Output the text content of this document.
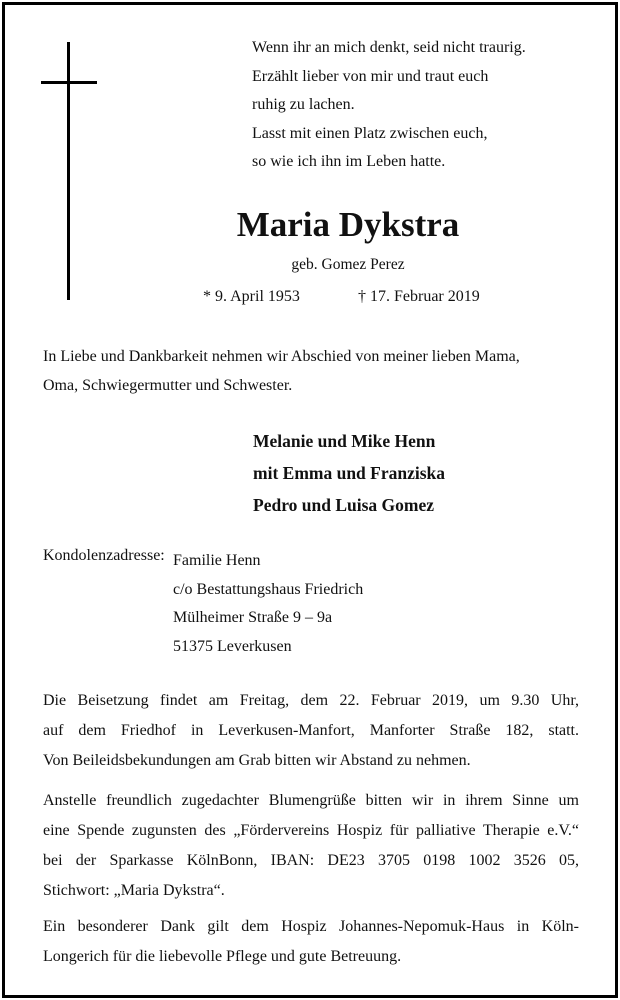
Wenn ihr an mich denkt, seid nicht traurig.
Erzählt lieber von mir und traut euch
ruhig zu lachen.
Lasst mit einen Platz zwischen euch,
so wie ich ihn im Leben hatte.
Maria Dykstra
geb. Gomez Perez
* 9. April 1953	† 17. Februar 2019
In Liebe und Dankbarkeit nehmen wir Abschied von meiner lieben Mama,
Oma, Schwiegermutter und Schwester.
Melanie und Mike Henn
mit Emma und Franziska
Pedro und Luisa Gomez
Kondolenzadresse: Familie Henn
c/o Bestattungshaus Friedrich
Mülheimer Straße 9 – 9a
51375 Leverkusen
Die Beisetzung findet am Freitag, dem 22. Februar 2019, um 9.30 Uhr,
auf dem Friedhof in Leverkusen-Manfort, Manforter Straße 182, statt.
Von Beileidsbekundungen am Grab bitten wir Abstand zu nehmen.
Anstelle freundlich zugedachter Blumengrüße bitten wir in ihrem Sinne um
eine Spende zugunsten des „Fördervereins Hospiz für palliative Therapie e.V.“
bei der Sparkasse KölnBonn, IBAN: DE23 3705 0198 1002 3526 05,
Stichwort: „Maria Dykstra“.
Ein besonderer Dank gilt dem Hospiz Johannes-Nepomuk-Haus in Köln-
Longerich für die liebevolle Pflege und gute Betreuung.
